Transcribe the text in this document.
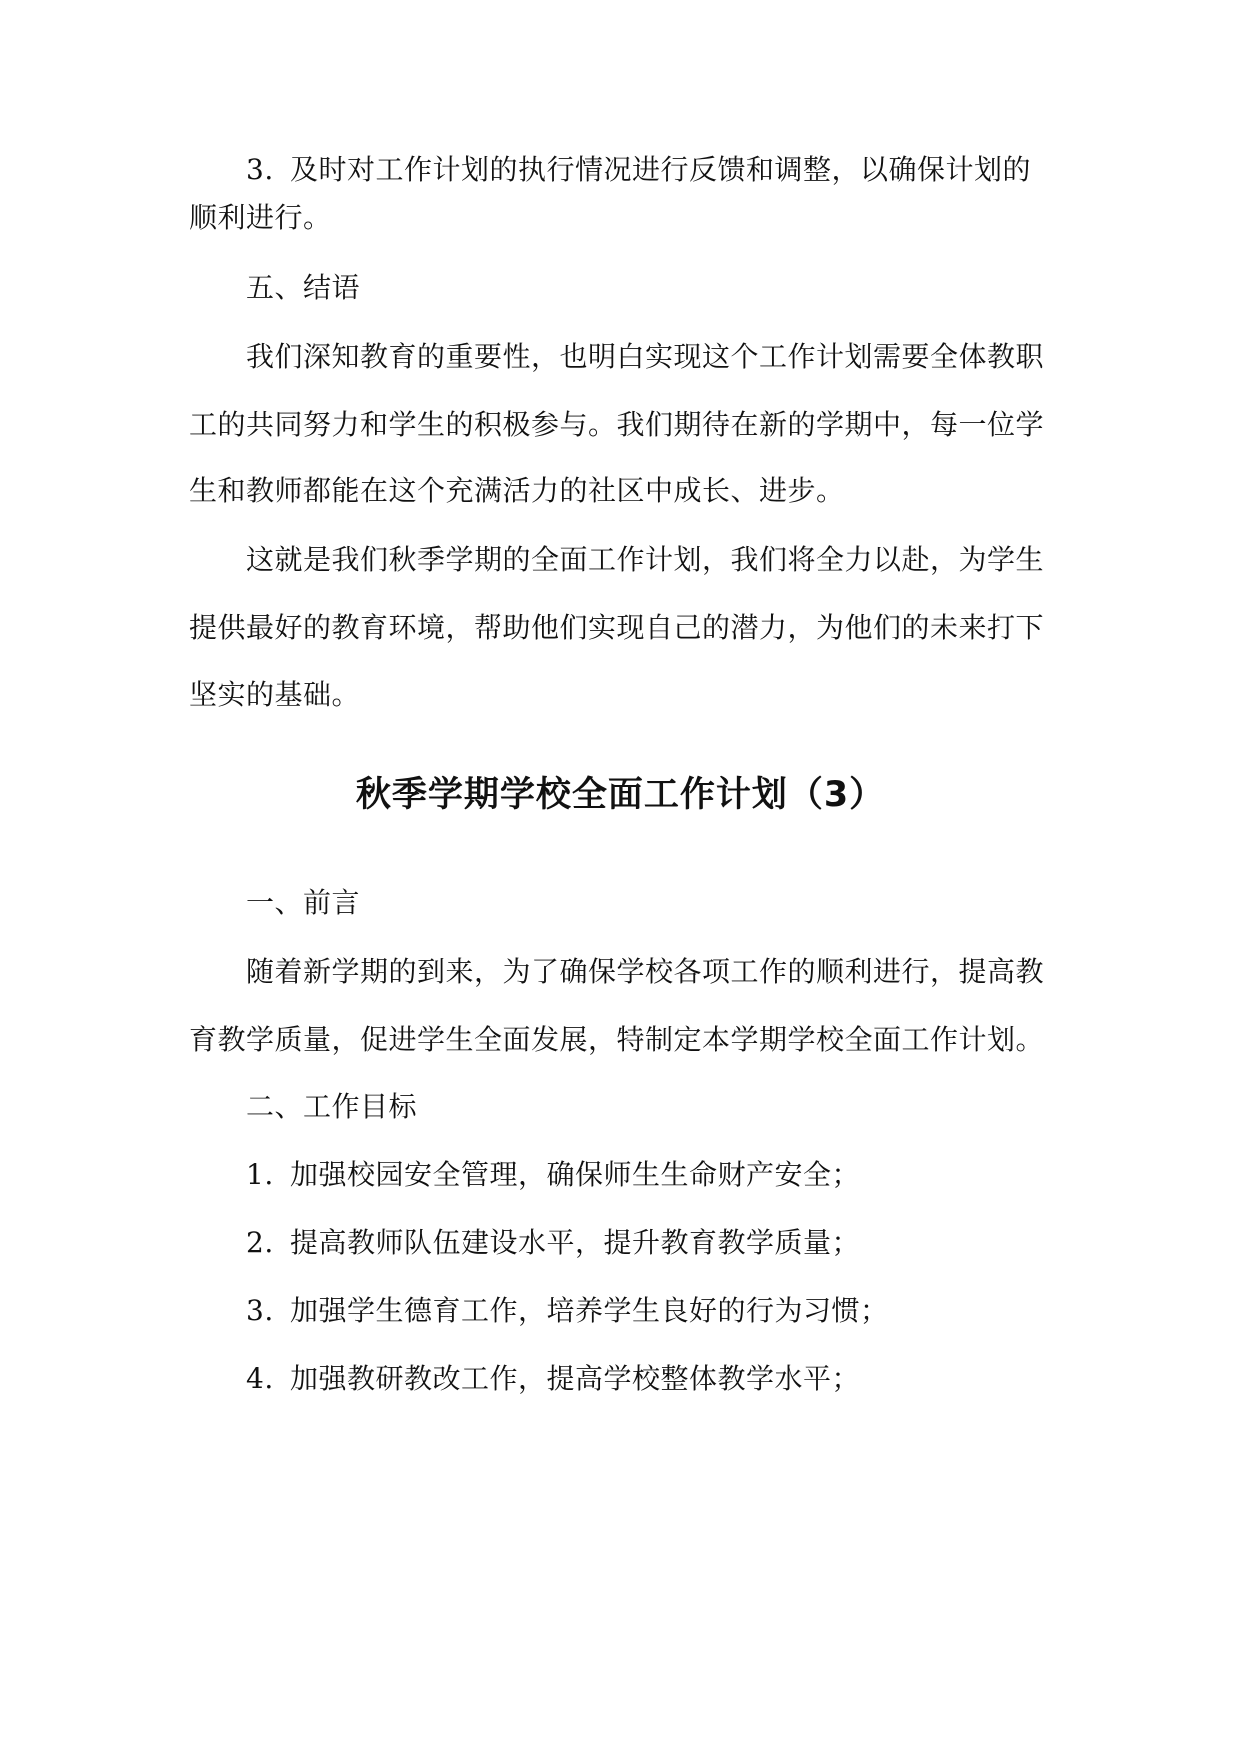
3. 及时对工作计划的执行情况进行反馈和调整，以确保计划的
顺利进行。
五、结语
我们深知教育的重要性，也明白实现这个工作计划需要全体教职
工的共同努力和学生的积极参与。我们期待在新的学期中，每一位学
生和教师都能在这个充满活力的社区中成长、进步。
这就是我们秋季学期的全面工作计划，我们将全力以赴，为学生
提供最好的教育环境，帮助他们实现自己的潜力，为他们的未来打下
坚实的基础。
秋季学期学校全面工作计划（3）
一、前言
随着新学期的到来，为了确保学校各项工作的顺利进行，提高教
育教学质量，促进学生全面发展，特制定本学期学校全面工作计划。
二、工作目标
1. 加强校园安全管理，确保师生生命财产安全；
2. 提高教师队伍建设水平，提升教育教学质量；
3. 加强学生德育工作，培养学生良好的行为习惯；
4. 加强教研教改工作，提高学校整体教学水平；
